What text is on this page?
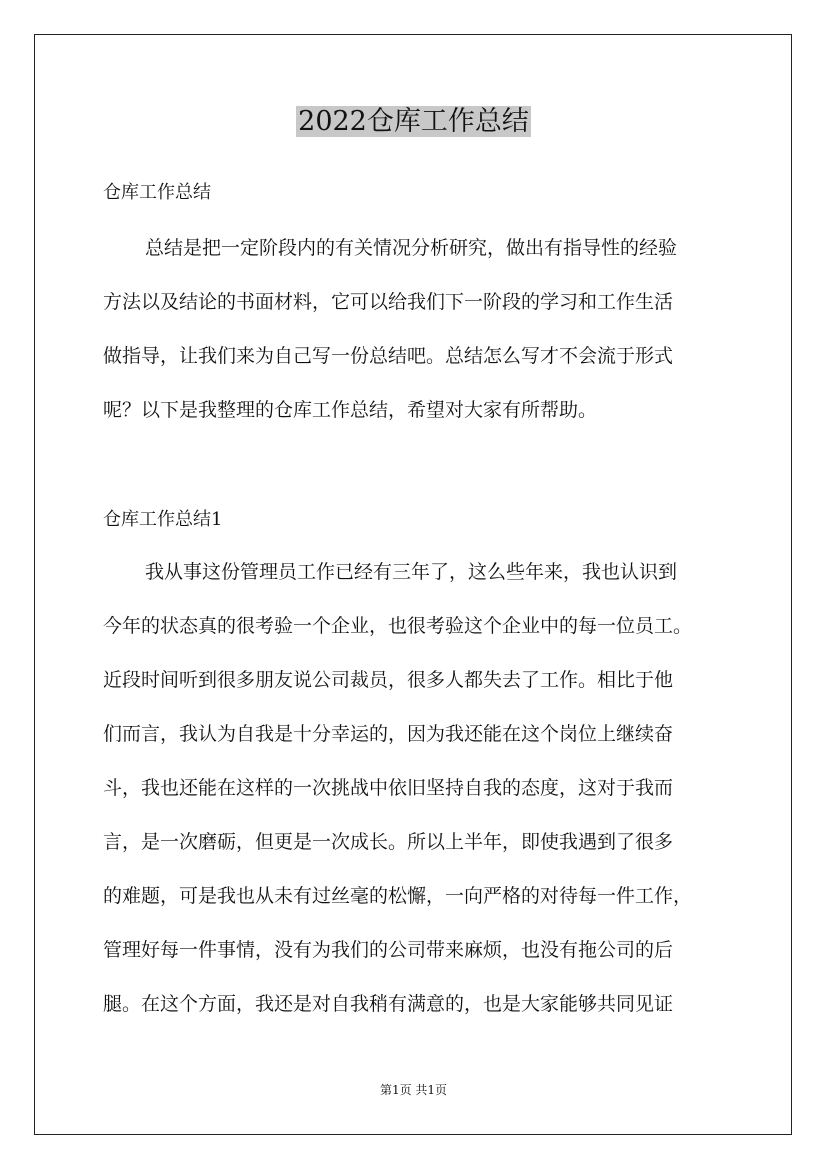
2022仓库工作总结
仓库工作总结
总结是把一定阶段内的有关情况分析研究，做出有指导性的经验
方法以及结论的书面材料，它可以给我们下一阶段的学习和工作生活
做指导，让我们来为自己写一份总结吧。总结怎么写才不会流于形式
呢？以下是我整理的仓库工作总结，希望对大家有所帮助。
仓库工作总结1
我从事这份管理员工作已经有三年了，这么些年来，我也认识到
今年的状态真的很考验一个企业，也很考验这个企业中的每一位员工。
近段时间听到很多朋友说公司裁员，很多人都失去了工作。相比于他
们而言，我认为自我是十分幸运的，因为我还能在这个岗位上继续奋
斗，我也还能在这样的一次挑战中依旧坚持自我的态度，这对于我而
言，是一次磨砺，但更是一次成长。所以上半年，即使我遇到了很多
的难题，可是我也从未有过丝毫的松懈，一向严格的对待每一件工作，
管理好每一件事情，没有为我们的公司带来麻烦，也没有拖公司的后
腿。在这个方面，我还是对自我稍有满意的，也是大家能够共同见证
第1页 共1页
